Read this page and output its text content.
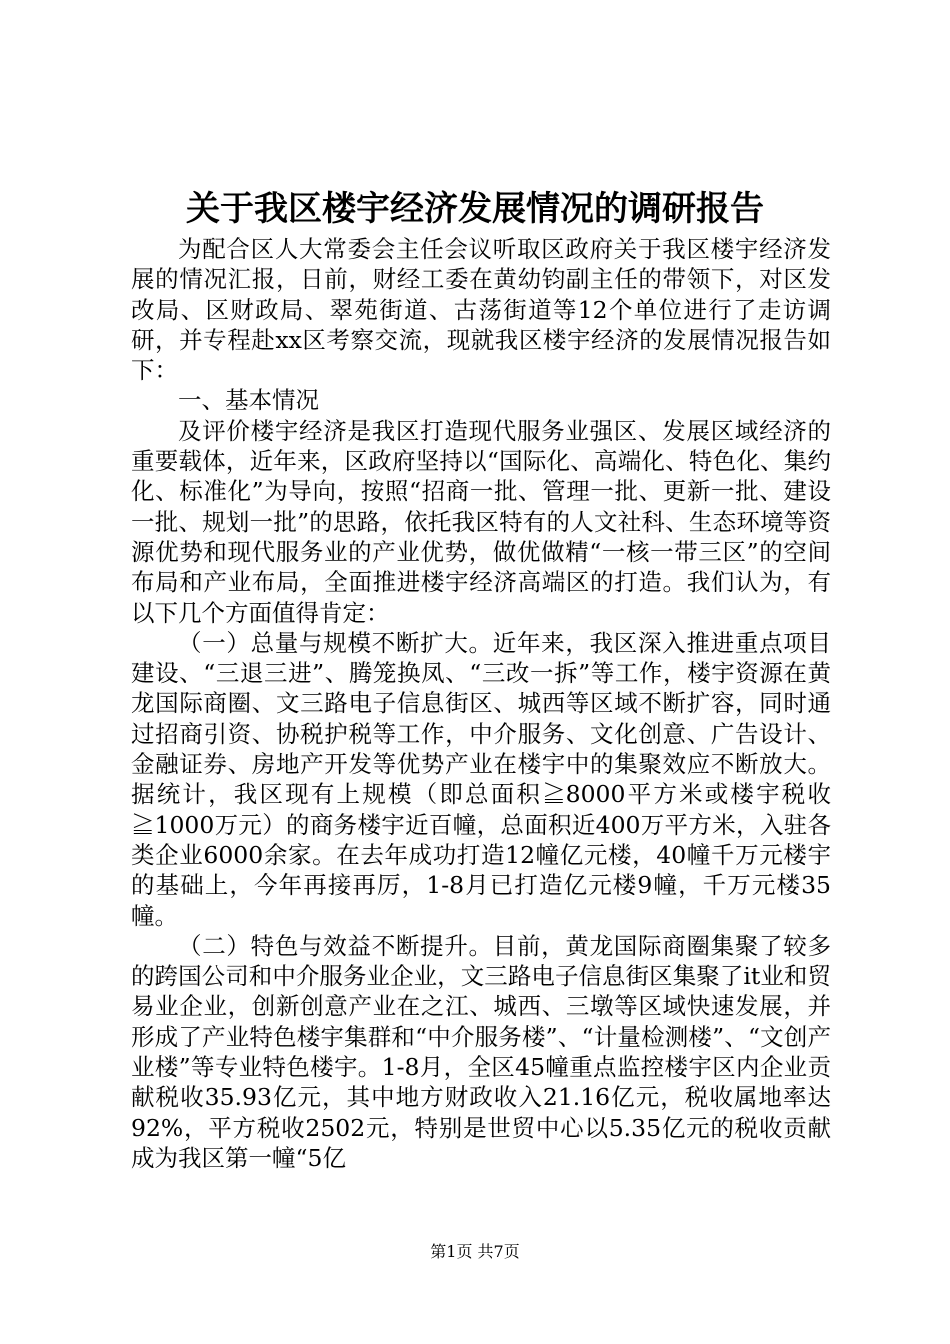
关于我区楼宇经济发展情况的调研报告

为配合区人大常委会主任会议听取区政府关于我区楼宇经济发展的情况汇报，日前，财经工委在黄幼钧副主任的带领下，对区发改局、区财政局、翠苑街道、古荡街道等12个单位进行了走访调研，并专程赴xx区考察交流，现就我区楼宇经济的发展情况报告如下：

一、基本情况

及评价楼宇经济是我区打造现代服务业强区、发展区域经济的重要载体，近年来，区政府坚持以“国际化、高端化、特色化、集约化、标准化”为导向，按照“招商一批、管理一批、更新一批、建设一批、规划一批”的思路，依托我区特有的人文社科、生态环境等资源优势和现代服务业的产业优势，做优做精“一核一带三区”的空间布局和产业布局，全面推进楼宇经济高端区的打造。我们认为，有以下几个方面值得肯定：

（一）总量与规模不断扩大。近年来，我区深入推进重点项目建设、“三退三进”、腾笼换凤、“三改一拆”等工作，楼宇资源在黄龙国际商圈、文三路电子信息街区、城西等区域不断扩容，同时通过招商引资、协税护税等工作，中介服务、文化创意、广告设计、金融证券、房地产开发等优势产业在楼宇中的集聚效应不断放大。据统计，我区现有上规模（即总面积≧8000平方米或楼宇税收≧1000万元）的商务楼宇近百幢，总面积近400万平方米，入驻各类企业6000余家。在去年成功打造12幢亿元楼，40幢千万元楼宇的基础上，今年再接再厉，1-8月已打造亿元楼9幢，千万元楼35幢。

（二）特色与效益不断提升。目前，黄龙国际商圈集聚了较多的跨国公司和中介服务业企业，文三路电子信息街区集聚了it业和贸易业企业，创新创意产业在之江、城西、三墩等区域快速发展，并形成了产业特色楼宇集群和“中介服务楼”、“计量检测楼”、“文创产业楼”等专业特色楼宇。1-8月，全区45幢重点监控楼宇区内企业贡献税收35.93亿元，其中地方财政收入21.16亿元，税收属地率达92%，平方税收2502元，特别是世贸中心以5.35亿元的税收贡献成为我区第一幢“5亿

第1页 共7页
